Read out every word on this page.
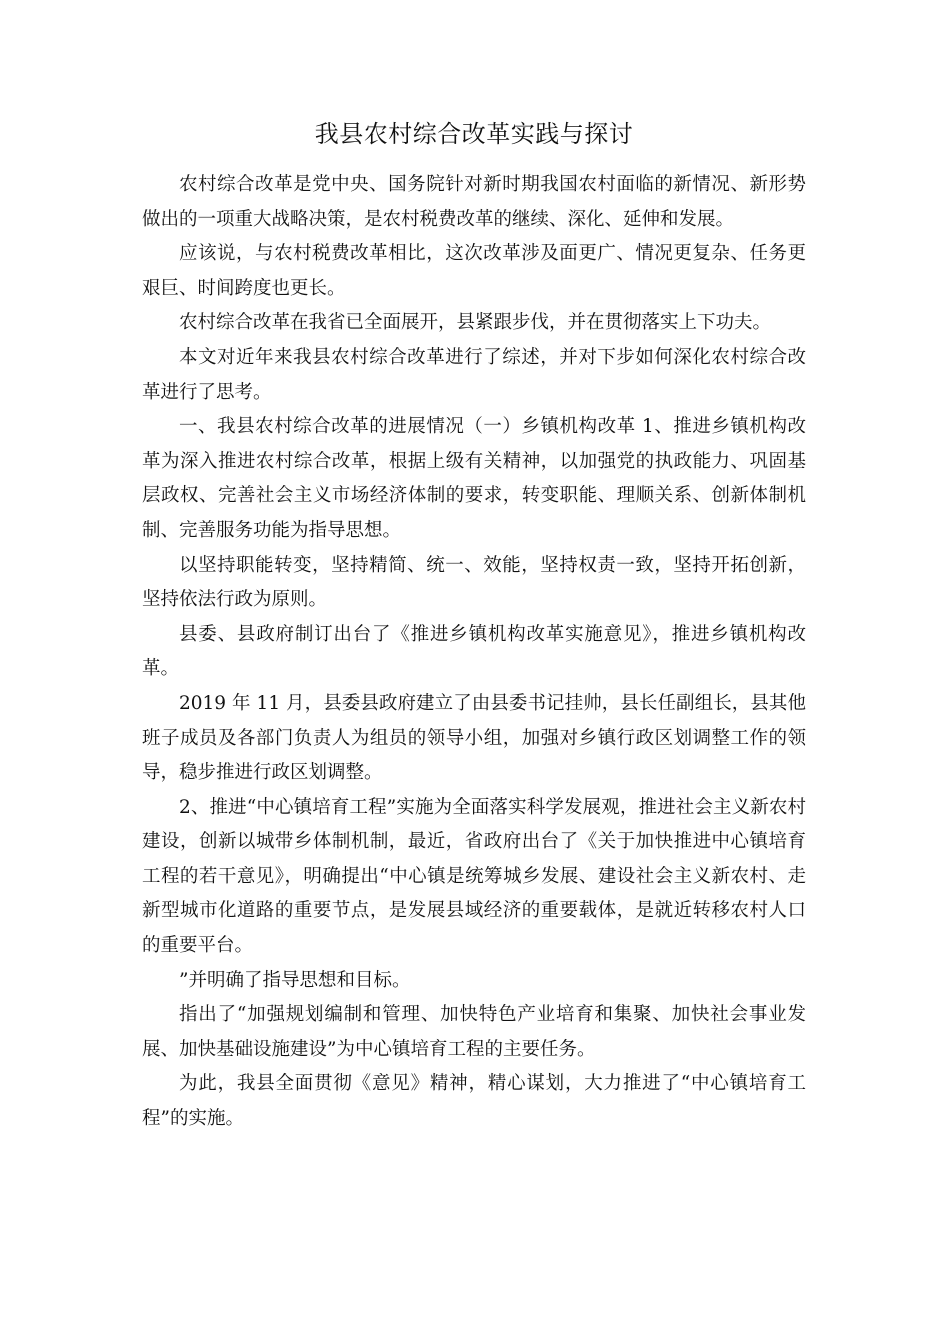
我县农村综合改革实践与探讨

农村综合改革是党中央、国务院针对新时期我国农村面临的新情况、新形势做出的一项重大战略决策，是农村税费改革的继续、深化、延伸和发展。

应该说，与农村税费改革相比，这次改革涉及面更广、情况更复杂、任务更艰巨、时间跨度也更长。

农村综合改革在我省已全面展开，县紧跟步伐，并在贯彻落实上下功夫。

本文对近年来我县农村综合改革进行了综述，并对下步如何深化农村综合改革进行了思考。

一、我县农村综合改革的进展情况（一）乡镇机构改革 1、推进乡镇机构改革为深入推进农村综合改革，根据上级有关精神，以加强党的执政能力、巩固基层政权、完善社会主义市场经济体制的要求，转变职能、理顺关系、创新体制机制、完善服务功能为指导思想。

以坚持职能转变，坚持精简、统一、效能，坚持权责一致，坚持开拓创新，坚持依法行政为原则。

县委、县政府制订出台了《推进乡镇机构改革实施意见》，推进乡镇机构改革。

2019 年 11 月，县委县政府建立了由县委书记挂帅，县长任副组长，县其他班子成员及各部门负责人为组员的领导小组，加强对乡镇行政区划调整工作的领导，稳步推进行政区划调整。

2、推进“中心镇培育工程”实施为全面落实科学发展观，推进社会主义新农村建设，创新以城带乡体制机制，最近，省政府出台了《关于加快推进中心镇培育工程的若干意见》，明确提出“中心镇是统筹城乡发展、建设社会主义新农村、走新型城市化道路的重要节点，是发展县域经济的重要载体，是就近转移农村人口的重要平台。

”并明确了指导思想和目标。

指出了“加强规划编制和管理、加快特色产业培育和集聚、加快社会事业发展、加快基础设施建设”为中心镇培育工程的主要任务。

为此，我县全面贯彻《意见》精神，精心谋划，大力推进了“中心镇培育工程”的实施。
